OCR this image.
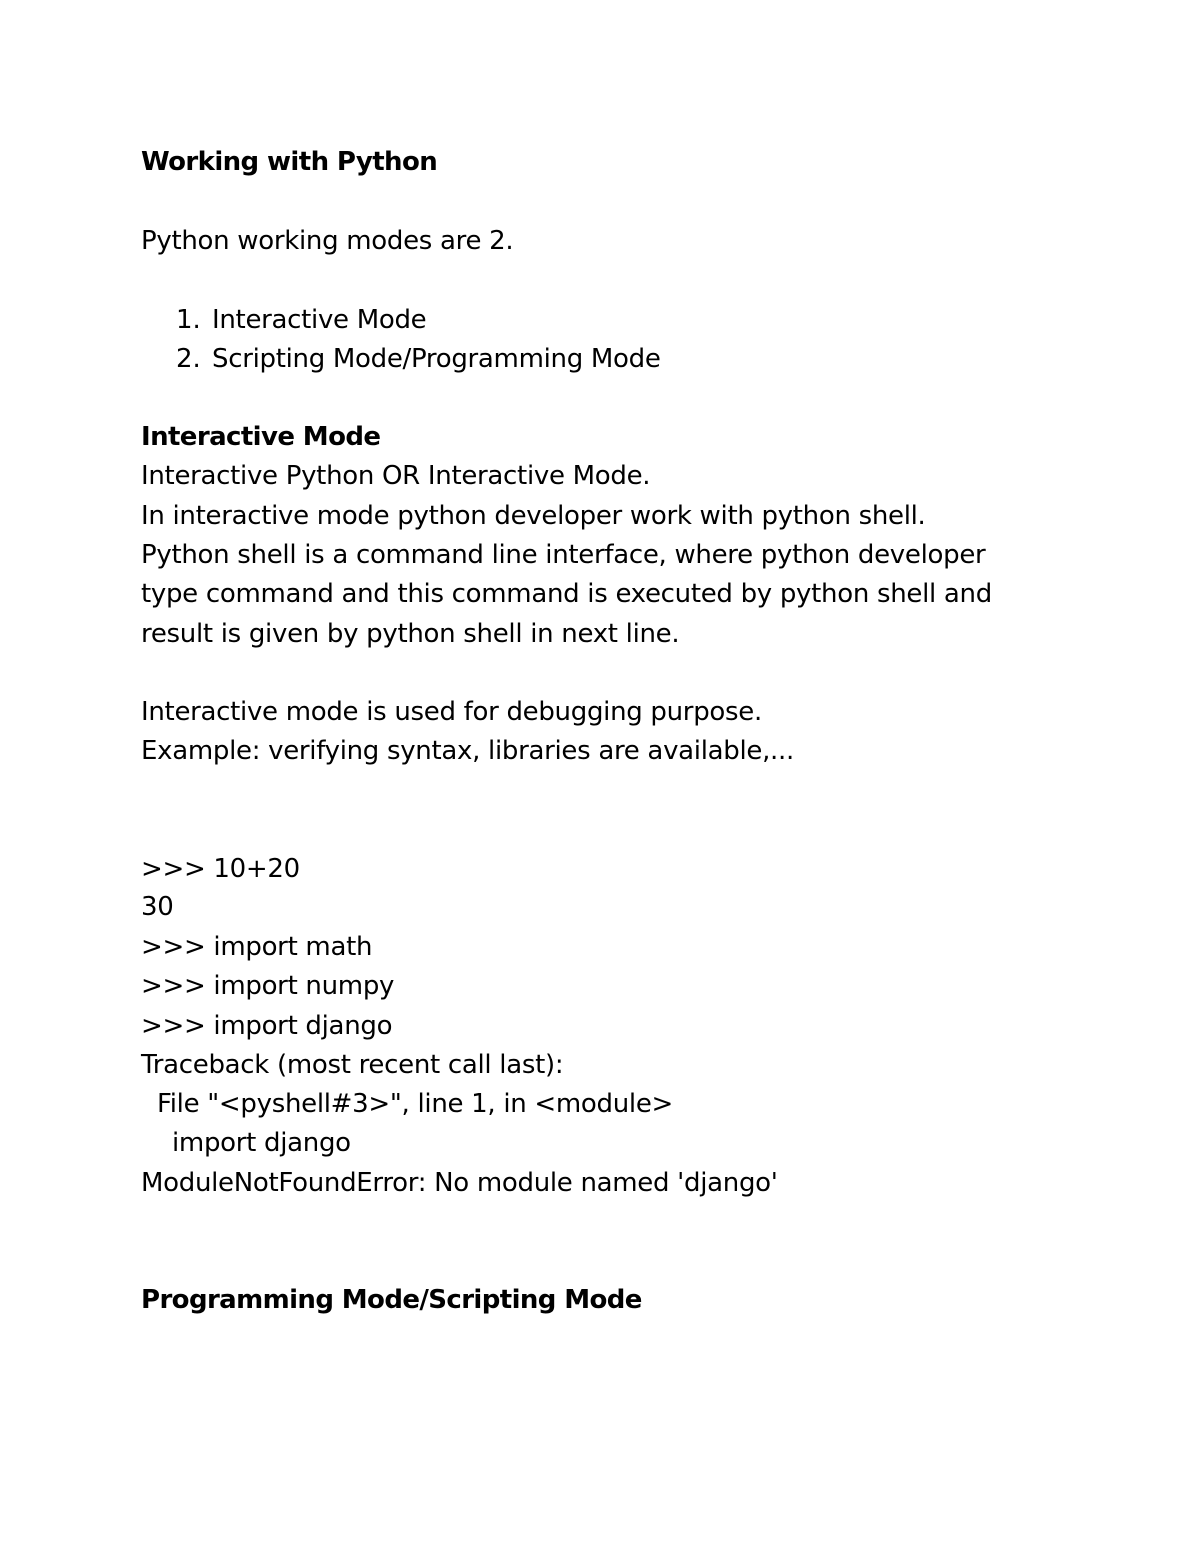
Working with Python
Python working modes are 2.
1. Interactive Mode
2. Scripting Mode/Programming Mode
Interactive Mode
Interactive Python OR Interactive Mode.
In interactive mode python developer work with python shell.
Python shell is a command line interface, where python developer
type command and this command is executed by python shell and
result is given by python shell in next line.
Interactive mode is used for debugging purpose.
Example: verifying syntax, libraries are available,...
>>> 10+20
30
>>> import math
>>> import numpy
>>> import django
Traceback (most recent call last):
File "<pyshell#3>", line 1, in <module>
import django
ModuleNotFoundError: No module named 'django'
Programming Mode/Scripting Mode
